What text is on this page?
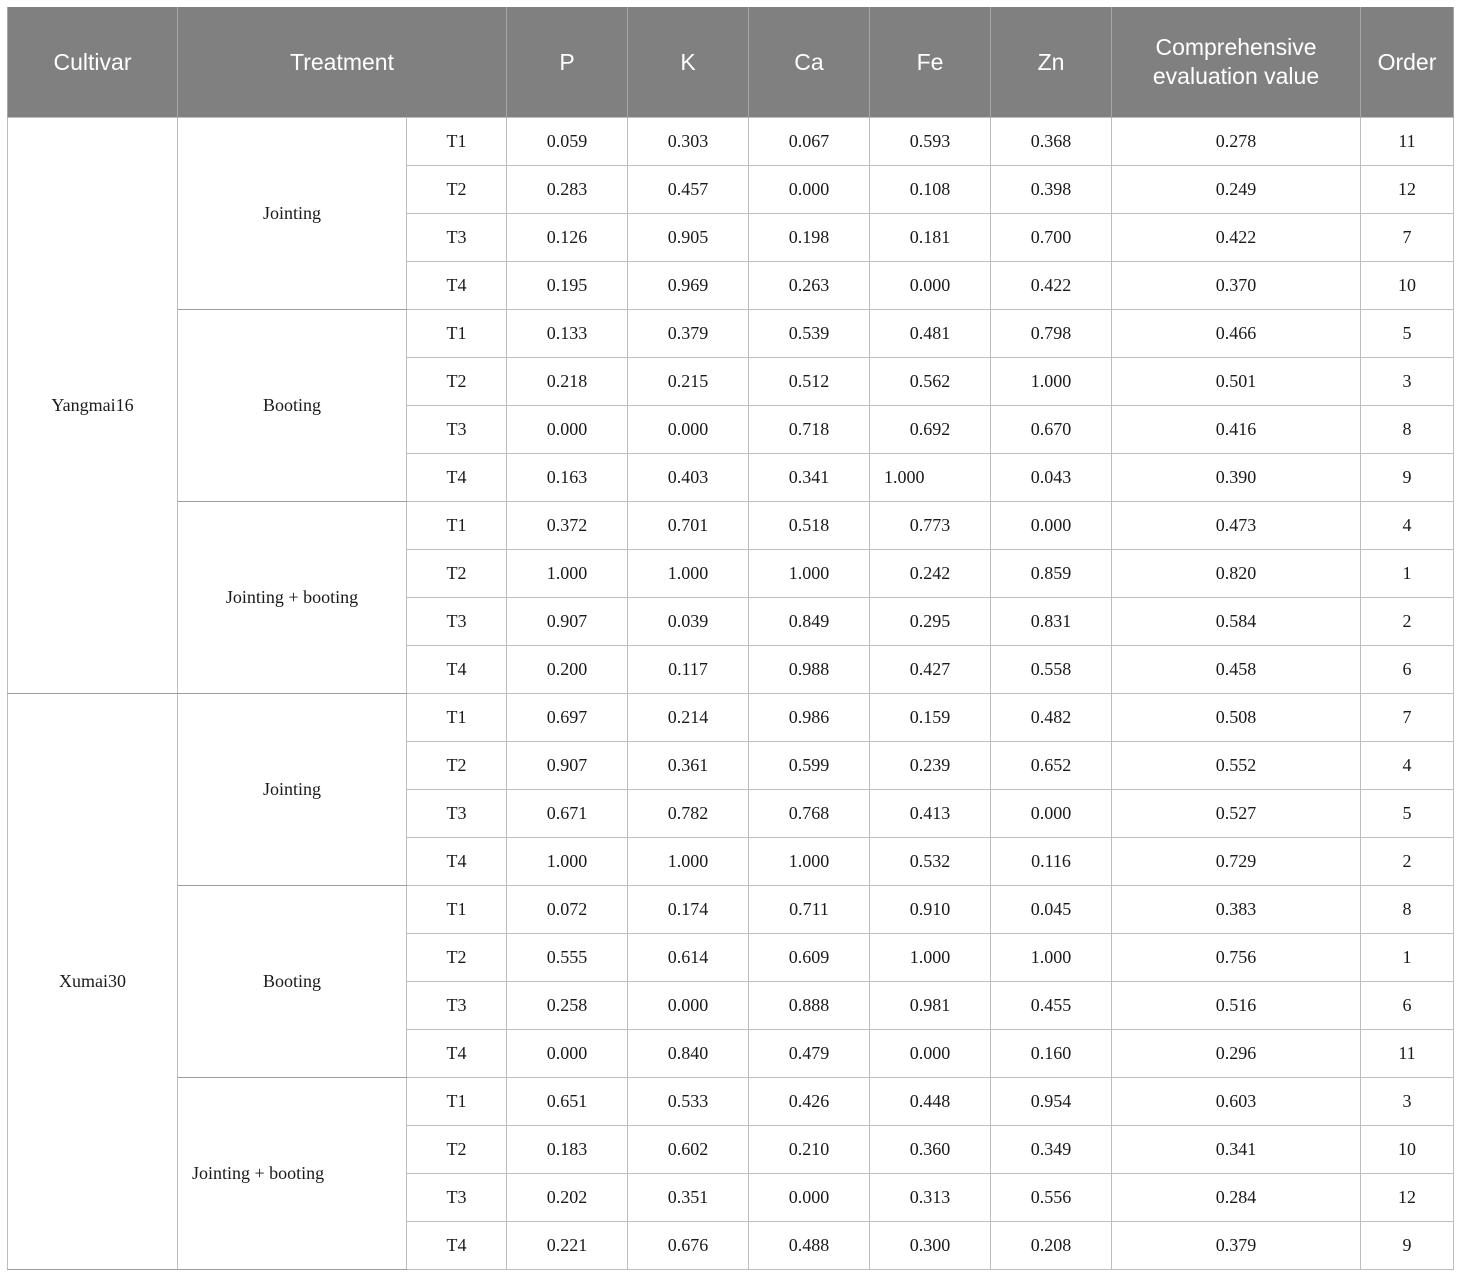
Cultivar	Treatment		P	K	Ca	Fe	Zn	Comprehensive evaluation value	Order
Yangmai16	Jointing	T1	0.059	0.303	0.067	0.593	0.368	0.278	11
		T2	0.283	0.457	0.000	0.108	0.398	0.249	12
		T3	0.126	0.905	0.198	0.181	0.700	0.422	7
		T4	0.195	0.969	0.263	0.000	0.422	0.370	10
	Booting	T1	0.133	0.379	0.539	0.481	0.798	0.466	5
		T2	0.218	0.215	0.512	0.562	1.000	0.501	3
		T3	0.000	0.000	0.718	0.692	0.670	0.416	8
		T4	0.163	0.403	0.341	1.000	0.043	0.390	9
	Jointing + booting	T1	0.372	0.701	0.518	0.773	0.000	0.473	4
		T2	1.000	1.000	1.000	0.242	0.859	0.820	1
		T3	0.907	0.039	0.849	0.295	0.831	0.584	2
		T4	0.200	0.117	0.988	0.427	0.558	0.458	6
Xumai30	Jointing	T1	0.697	0.214	0.986	0.159	0.482	0.508	7
		T2	0.907	0.361	0.599	0.239	0.652	0.552	4
		T3	0.671	0.782	0.768	0.413	0.000	0.527	5
		T4	1.000	1.000	1.000	0.532	0.116	0.729	2
	Booting	T1	0.072	0.174	0.711	0.910	0.045	0.383	8
		T2	0.555	0.614	0.609	1.000	1.000	0.756	1
		T3	0.258	0.000	0.888	0.981	0.455	0.516	6
		T4	0.000	0.840	0.479	0.000	0.160	0.296	11
	Jointing + booting	T1	0.651	0.533	0.426	0.448	0.954	0.603	3
		T2	0.183	0.602	0.210	0.360	0.349	0.341	10
		T3	0.202	0.351	0.000	0.313	0.556	0.284	12
		T4	0.221	0.676	0.488	0.300	0.208	0.379	9
